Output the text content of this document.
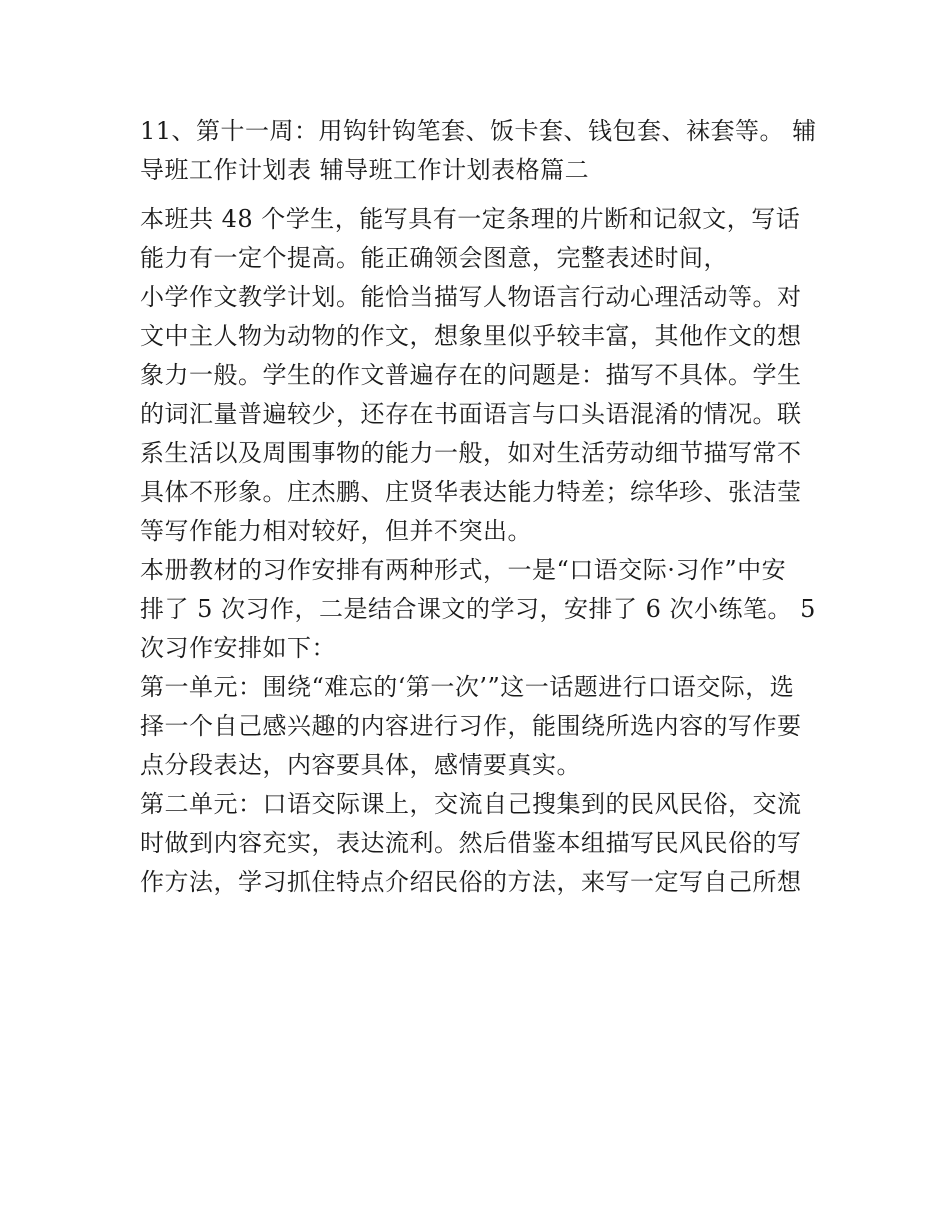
11、第十一周：用钩针钩笔套、饭卡套、钱包套、袜套等。 辅
导班工作计划表 辅导班工作计划表格篇二
本班共 48 个学生，能写具有一定条理的片断和记叙文，写话
能力有一定个提高。能正确领会图意，完整表述时间，
小学作文教学计划。能恰当描写人物语言行动心理活动等。对
文中主人物为动物的作文，想象里似乎较丰富，其他作文的想
象力一般。学生的作文普遍存在的问题是：描写不具体。学生
的词汇量普遍较少，还存在书面语言与口头语混淆的情况。联
系生活以及周围事物的能力一般，如对生活劳动细节描写常不
具体不形象。庄杰鹏、庄贤华表达能力特差；综华珍、张洁莹
等写作能力相对较好，但并不突出。
本册教材的习作安排有两种形式，一是“口语交际·习作”中安
排了 5 次习作，二是结合课文的学习，安排了 6 次小练笔。 5
次习作安排如下：
第一单元：围绕“难忘的‘第一次’”这一话题进行口语交际，选
择一个自己感兴趣的内容进行习作，能围绕所选内容的写作要
点分段表达，内容要具体，感情要真实。
第二单元：口语交际课上，交流自己搜集到的民风民俗，交流
时做到内容充实，表达流利。然后借鉴本组描写民风民俗的写
作方法，学习抓住特点介绍民俗的方法，来写一定写自己所想
